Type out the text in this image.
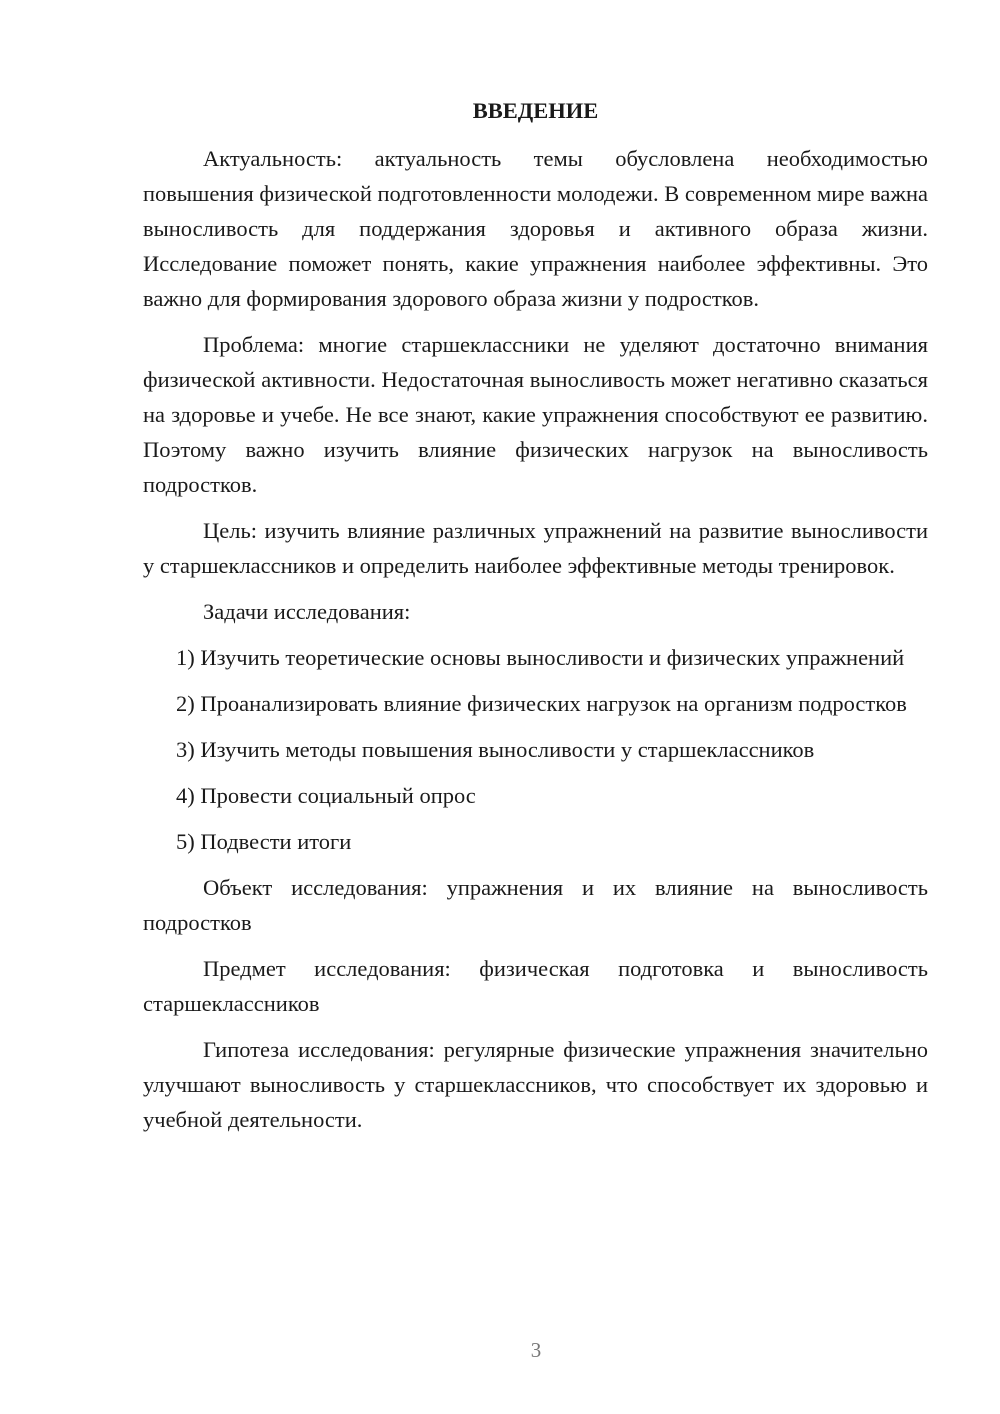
ВВЕДЕНИЕ

Актуальность: актуальность темы обусловлена необходимостью повышения физической подготовленности молодежи. В современном мире важна выносливость для поддержания здоровья и активного образа жизни. Исследование поможет понять, какие упражнения наиболее эффективны. Это важно для формирования здорового образа жизни у подростков.

Проблема: многие старшеклассники не уделяют достаточно внимания физической активности. Недостаточная выносливость может негативно сказаться на здоровье и учебе. Не все знают, какие упражнения способствуют ее развитию. Поэтому важно изучить влияние физических нагрузок на выносливость подростков.

Цель: изучить влияние различных упражнений на развитие выносливости у старшеклассников и определить наиболее эффективные методы тренировок.

Задачи исследования:

1) Изучить теоретические основы выносливости и физических упражнений

2) Проанализировать влияние физических нагрузок на организм подростков

3) Изучить методы повышения выносливости у старшеклассников

4) Провести социальный опрос

5) Подвести итоги

Объект исследования: упражнения и их влияние на выносливость подростков

Предмет исследования: физическая подготовка и выносливость старшеклассников

Гипотеза исследования: регулярные физические упражнения значительно улучшают выносливость у старшеклассников, что способствует их здоровью и учебной деятельности.

3
